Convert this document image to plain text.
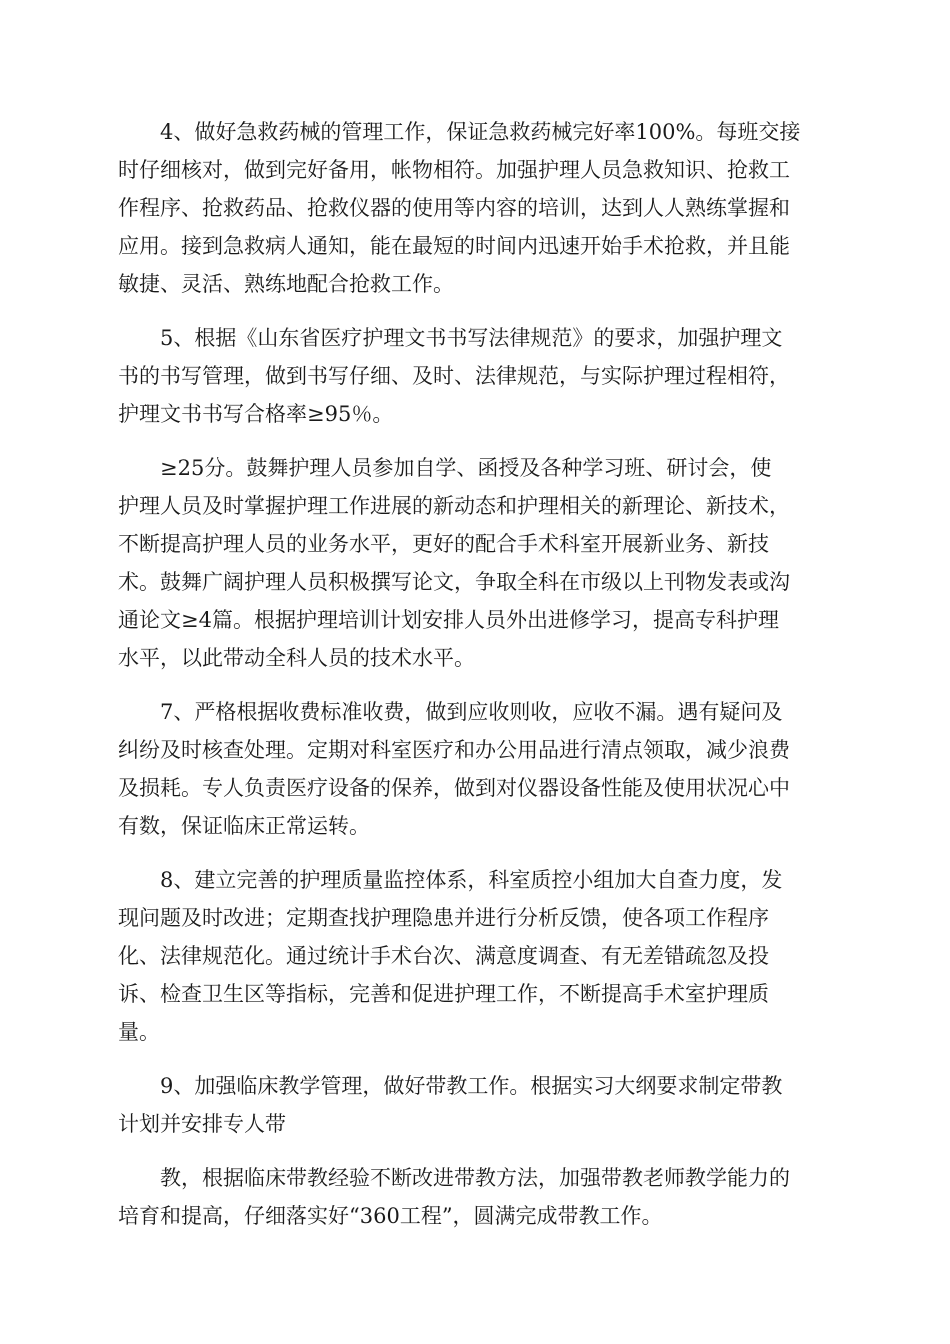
4、做好急救药械的管理工作，保证急救药械完好率100%。每班交接
时仔细核对，做到完好备用，帐物相符。加强护理人员急救知识、抢救工
作程序、抢救药品、抢救仪器的使用等内容的培训，达到人人熟练掌握和
应用。接到急救病人通知，能在最短的时间内迅速开始手术抢救，并且能
敏捷、灵活、熟练地配合抢救工作。

5、根据《山东省医疗护理文书书写法律规范》的要求，加强护理文
书的书写管理，做到书写仔细、及时、法律规范，与实际护理过程相符，
护理文书书写合格率≥95％。

≥25分。鼓舞护理人员参加自学、函授及各种学习班、研讨会，使
护理人员及时掌握护理工作进展的新动态和护理相关的新理论、新技术，
不断提高护理人员的业务水平，更好的配合手术科室开展新业务、新技
术。鼓舞广阔护理人员积极撰写论文，争取全科在市级以上刊物发表或沟
通论文≥4篇。根据护理培训计划安排人员外出进修学习，提高专科护理
水平，以此带动全科人员的技术水平。

7、严格根据收费标准收费，做到应收则收，应收不漏。遇有疑问及
纠纷及时核查处理。定期对科室医疗和办公用品进行清点领取，减少浪费
及损耗。专人负责医疗设备的保养，做到对仪器设备性能及使用状况心中
有数，保证临床正常运转。

8、建立完善的护理质量监控体系，科室质控小组加大自查力度，发
现问题及时改进；定期查找护理隐患并进行分析反馈，使各项工作程序
化、法律规范化。通过统计手术台次、满意度调查、有无差错疏忽及投
诉、检查卫生区等指标，完善和促进护理工作，不断提高手术室护理质
量。

9、加强临床教学管理，做好带教工作。根据实习大纲要求制定带教
计划并安排专人带

教，根据临床带教经验不断改进带教方法，加强带教老师教学能力的
培育和提高，仔细落实好“360工程”，圆满完成带教工作。
